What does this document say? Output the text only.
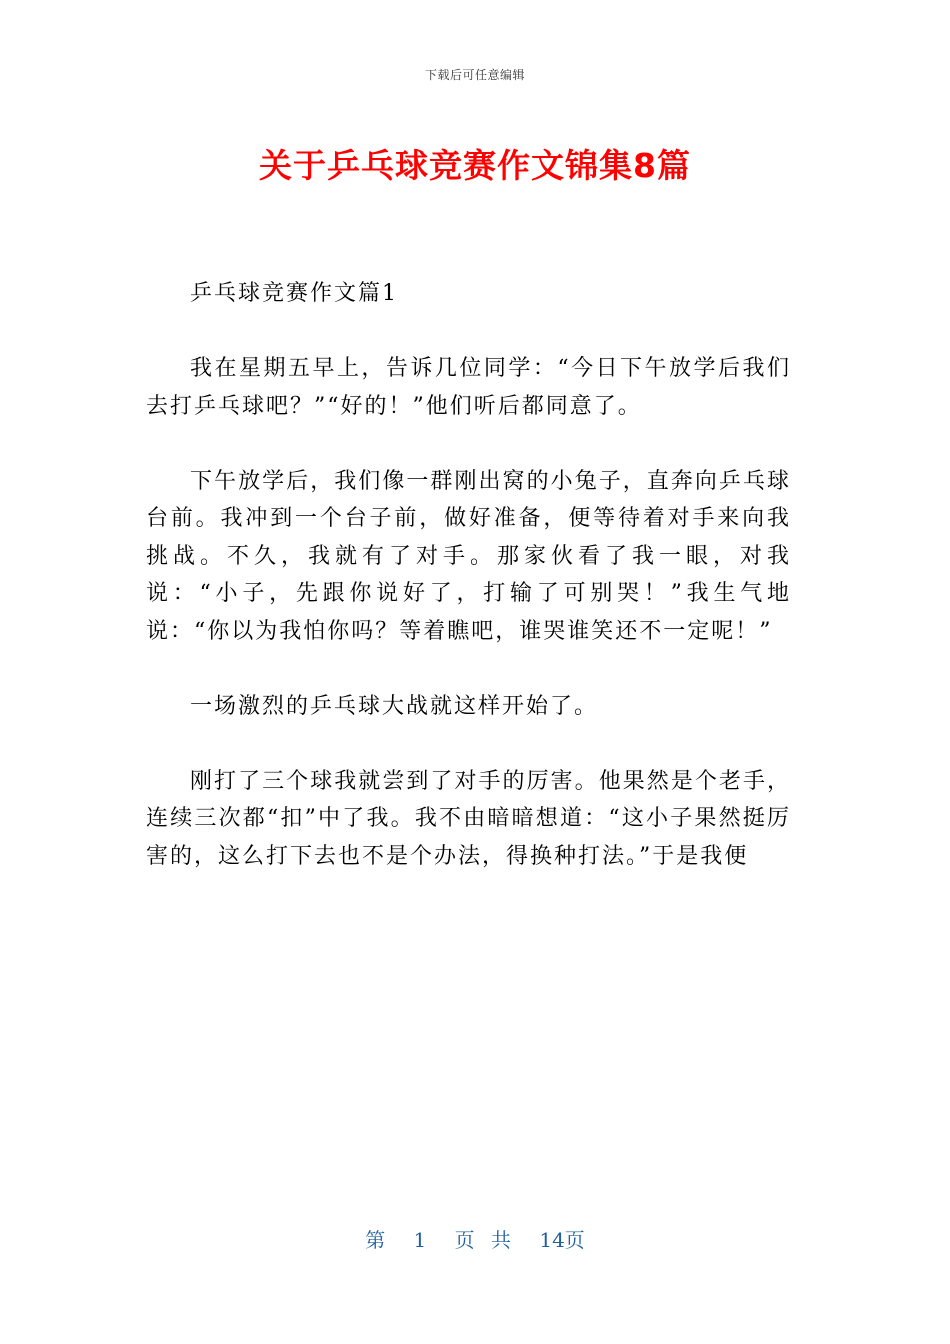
下载后可任意编辑
关于乒乓球竞赛作文锦集8篇

乒乓球竞赛作文篇1

我在星期五早上，告诉几位同学：“今日下午放学后我们去打乒乓球吧？”“好的！”他们听后都同意了。

下午放学后，我们像一群刚出窝的小兔子，直奔向乒乓球台前。我冲到一个台子前，做好准备，便等待着对手来向我挑战。不久，我就有了对手。那家伙看了我一眼，对我说：“小子，先跟你说好了，打输了可别哭！”我生气地说：“你以为我怕你吗？等着瞧吧，谁哭谁笑还不一定呢！”

一场激烈的乒乓球大战就这样开始了。

刚打了三个球我就尝到了对手的厉害。他果然是个老手，连续三次都“扣”中了我。我不由暗暗想道：“这小子果然挺厉害的，这么打下去也不是个办法，得换种打法。”于是我便

第 1 页 共 14页
